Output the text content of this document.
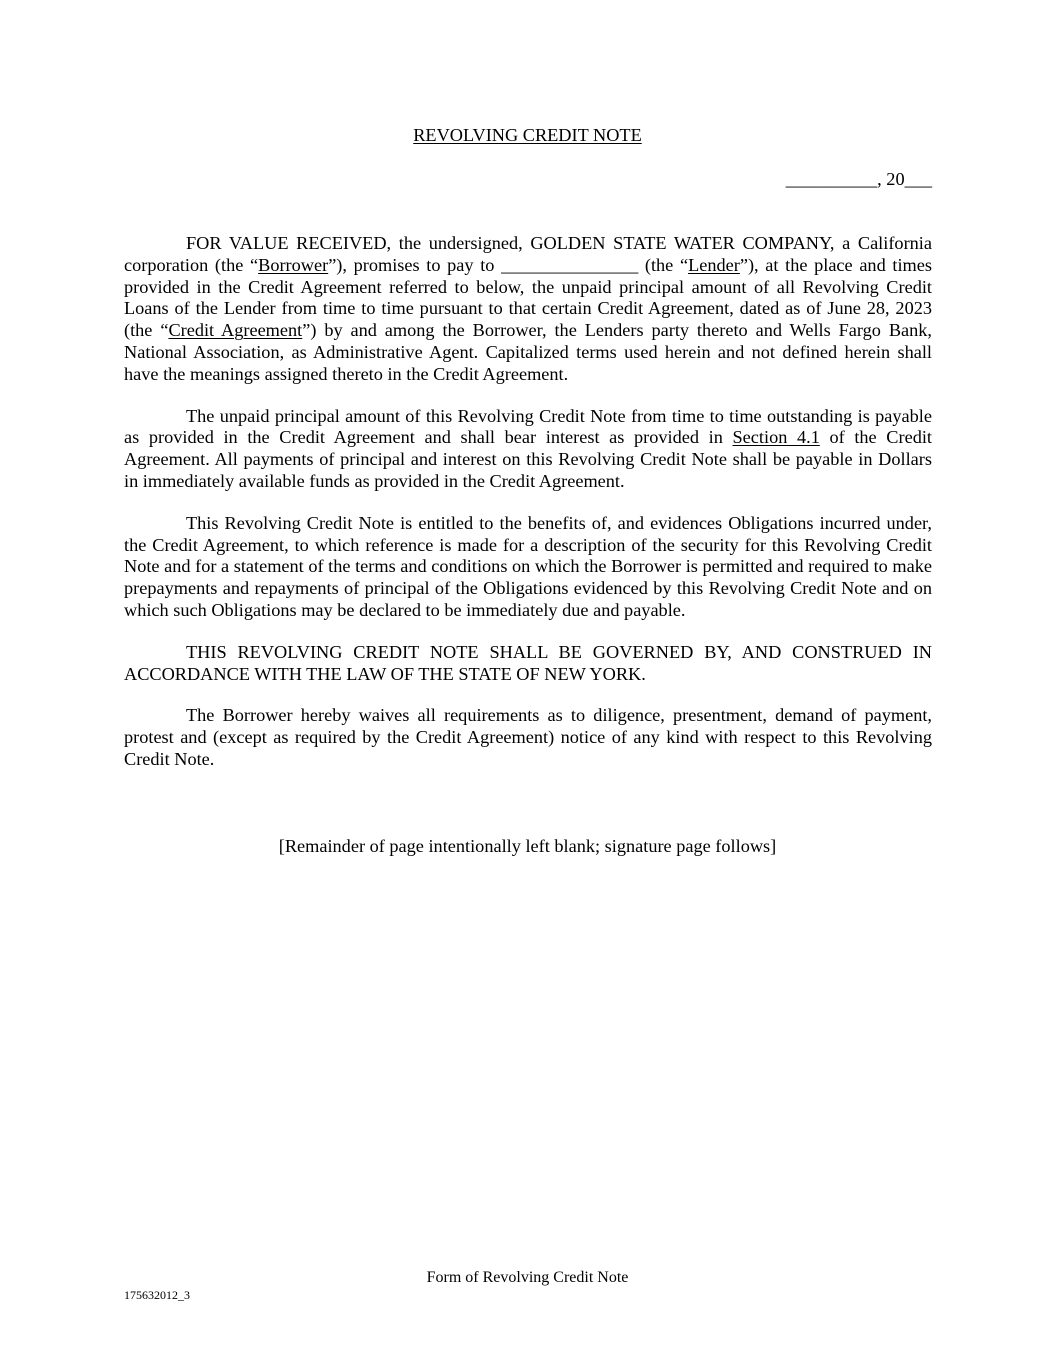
REVOLVING CREDIT NOTE
__________, 20___

FOR VALUE RECEIVED, the undersigned, GOLDEN STATE WATER COMPANY, a California corporation (the “Borrower”), promises to pay to _______________ (the “Lender”), at the place and times provided in the Credit Agreement referred to below, the unpaid principal amount of all Revolving Credit Loans of the Lender from time to time pursuant to that certain Credit Agreement, dated as of June 28, 2023 (the “Credit Agreement”) by and among the Borrower, the Lenders party thereto and Wells Fargo Bank, National Association, as Administrative Agent. Capitalized terms used herein and not defined herein shall have the meanings assigned thereto in the Credit Agreement.

The unpaid principal amount of this Revolving Credit Note from time to time outstanding is payable as provided in the Credit Agreement and shall bear interest as provided in Section 4.1 of the Credit Agreement. All payments of principal and interest on this Revolving Credit Note shall be payable in Dollars in immediately available funds as provided in the Credit Agreement.

This Revolving Credit Note is entitled to the benefits of, and evidences Obligations incurred under, the Credit Agreement, to which reference is made for a description of the security for this Revolving Credit Note and for a statement of the terms and conditions on which the Borrower is permitted and required to make prepayments and repayments of principal of the Obligations evidenced by this Revolving Credit Note and on which such Obligations may be declared to be immediately due and payable.

THIS REVOLVING CREDIT NOTE SHALL BE GOVERNED BY, AND CONSTRUED IN ACCORDANCE WITH THE LAW OF THE STATE OF NEW YORK.

The Borrower hereby waives all requirements as to diligence, presentment, demand of payment, protest and (except as required by the Credit Agreement) notice of any kind with respect to this Revolving Credit Note.

[Remainder of page intentionally left blank; signature page follows]
Form of Revolving Credit Note
175632012_3
